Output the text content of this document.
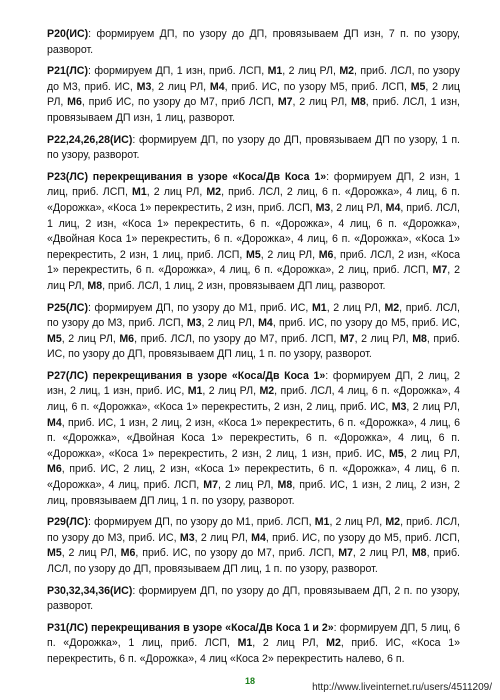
P20(ИС): формируем ДП, по узору до ДП, провязываем ДП изн, 7 п. по узору, разворот.

P21(ЛС): формируем ДП, 1 изн, приб. ЛСП, M1, 2 лиц РЛ, M2, приб. ЛСЛ, по узору до М3, приб. ИС, M3, 2 лиц РЛ, M4, приб. ИС, по узору М5, приб. ЛСП, M5, 2 лиц РЛ, M6, приб ИС, по узору до М7, приб ЛСП, M7, 2 лиц РЛ, M8, приб. ЛСЛ, 1 изн, провязываем ДП изн, 1 лиц, разворот.

P22,24,26,28(ИС): формируем ДП, по узору до ДП, провязываем ДП по узору, 1 п. по узору, разворот.

P23(ЛС) перекрещивания в узоре «Коса/Дв Коса 1»: формируем ДП, 2 изн, 1 лиц, приб. ЛСП, M1, 2 лиц РЛ, M2, приб. ЛСЛ, 2 лиц, 6 п. «Дорожка», 4 лиц, 6 п. «Дорожка», «Коса 1» перекрестить, 2 изн, приб. ЛСП, M3, 2 лиц РЛ, M4, приб. ЛСЛ, 1 лиц, 2 изн, «Коса 1» перекрестить, 6 п. «Дорожка», 4 лиц, 6 п. «Дорожка», «Двойная Коса 1» перекрестить, 6 п. «Дорожка», 4 лиц, 6 п. «Дорожка», «Коса 1» перекрестить, 2 изн, 1 лиц, приб. ЛСП, M5, 2 лиц РЛ, M6, приб. ЛСЛ, 2 изн, «Коса 1» перекрестить, 6 п. «Дорожка», 4 лиц, 6 п. «Дорожка», 2 лиц, приб. ЛСП, M7, 2 лиц РЛ, M8, приб. ЛСЛ, 1 лиц, 2 изн, провязываем ДП лиц, разворот.

P25(ЛС): формируем ДП, по узору до М1, приб. ИС, M1, 2 лиц РЛ, M2, приб. ЛСЛ, по узору до М3, приб. ЛСП, M3, 2 лиц РЛ, M4, приб. ИС, по узору до М5, приб. ИС, M5, 2 лиц РЛ, M6, приб. ЛСЛ, по узору до М7, приб. ЛСП, M7, 2 лиц РЛ, M8, приб. ИС, по узору до ДП, провязываем ДП лиц, 1 п. по узору, разворот.

P27(ЛС) перекрещивания в узоре «Коса/Дв Коса 1»: формируем ДП, 2 лиц, 2 изн, 2 лиц, 1 изн, приб. ИС, M1, 2 лиц РЛ, M2, приб. ЛСЛ, 4 лиц, 6 п. «Дорожка», 4 лиц, 6 п. «Дорожка», «Коса 1» перекрестить, 2 изн, 2 лиц, приб. ИС, M3, 2 лиц РЛ, M4, приб. ИС, 1 изн, 2 лиц, 2 изн, «Коса 1» перекрестить, 6 п. «Дорожка», 4 лиц, 6 п. «Дорожка», «Двойная Коса 1» перекрестить, 6 п. «Дорожка», 4 лиц, 6 п. «Дорожка», «Коса 1» перекрестить, 2 изн, 2 лиц, 1 изн, приб. ИС, M5, 2 лиц РЛ, M6, приб. ИС, 2 лиц, 2 изн, «Коса 1» перекрестить, 6 п. «Дорожка», 4 лиц, 6 п. «Дорожка», 4 лиц, приб. ЛСП, M7, 2 лиц РЛ, M8, приб. ИС, 1 изн, 2 лиц, 2 изн, 2 лиц, провязываем ДП лиц, 1 п. по узору, разворот.

P29(ЛС): формируем ДП, по узору до М1, приб. ЛСП, M1, 2 лиц РЛ, M2, приб. ЛСЛ, по узору до М3, приб. ИС, M3, 2 лиц РЛ, M4, приб. ИС, по узору до М5, приб. ЛСП, M5, 2 лиц РЛ, M6, приб. ИС, по узору до М7, приб. ЛСП, M7, 2 лиц РЛ, M8, приб. ЛСЛ, по узору до ДП, провязываем ДП лиц, 1 п. по узору, разворот.

P30,32,34,36(ИС): формируем ДП, по узору до ДП, провязываем ДП, 2 п. по узору, разворот.

P31(ЛС) перекрещивания в узоре «Коса/Дв Коса 1 и 2»: формируем ДП, 5 лиц, 6 п. «Дорожка», 1 лиц, приб. ЛСП, M1, 2 лиц РЛ, M2, приб. ИС, «Коса 1» перекрестить, 6 п. «Дорожка», 4 лиц «Коса 2» перекрестить налево, 6 п.

18
http://www.liveinternet.ru/users/4511209/
